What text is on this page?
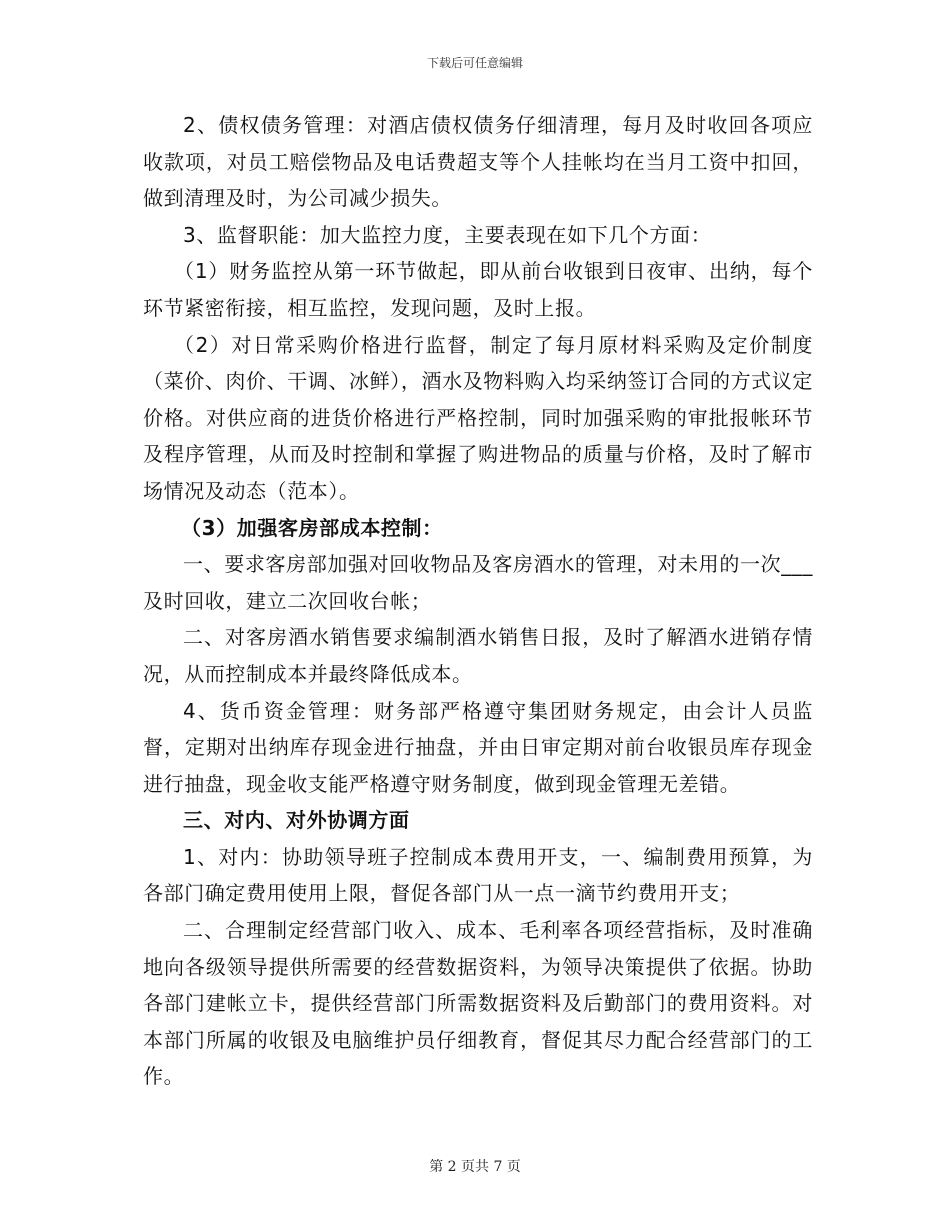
下载后可任意编辑

2、债权债务管理：对酒店债权债务仔细清理，每月及时收回各项应收款项，对员工赔偿物品及电话费超支等个人挂帐均在当月工资中扣回，做到清理及时，为公司减少损失。

3、监督职能：加大监控力度，主要表现在如下几个方面：

（1）财务监控从第一环节做起，即从前台收银到日夜审、出纳，每个环节紧密衔接，相互监控，发现问题，及时上报。

（2）对日常采购价格进行监督，制定了每月原材料采购及定价制度（菜价、肉价、干调、冰鲜），酒水及物料购入均采纳签订合同的方式议定价格。对供应商的进货价格进行严格控制，同时加强采购的审批报帐环节及程序管理，从而及时控制和掌握了购进物品的质量与价格，及时了解市场情况及动态（范本）。

（3）加强客房部成本控制：

一、要求客房部加强对回收物品及客房酒水的管理，对未用的一次___及时回收，建立二次回收台帐；

二、对客房酒水销售要求编制酒水销售日报，及时了解酒水进销存情况，从而控制成本并最终降低成本。

4、货币资金管理：财务部严格遵守集团财务规定，由会计人员监督，定期对出纳库存现金进行抽盘，并由日审定期对前台收银员库存现金进行抽盘，现金收支能严格遵守财务制度，做到现金管理无差错。

三、对内、对外协调方面

1、对内：协助领导班子控制成本费用开支，一、编制费用预算，为各部门确定费用使用上限，督促各部门从一点一滴节约费用开支；

二、合理制定经营部门收入、成本、毛利率各项经营指标，及时准确地向各级领导提供所需要的经营数据资料，为领导决策提供了依据。协助各部门建帐立卡，提供经营部门所需数据资料及后勤部门的费用资料。对本部门所属的收银及电脑维护员仔细教育，督促其尽力配合经营部门的工作。

第 2 页共 7 页
